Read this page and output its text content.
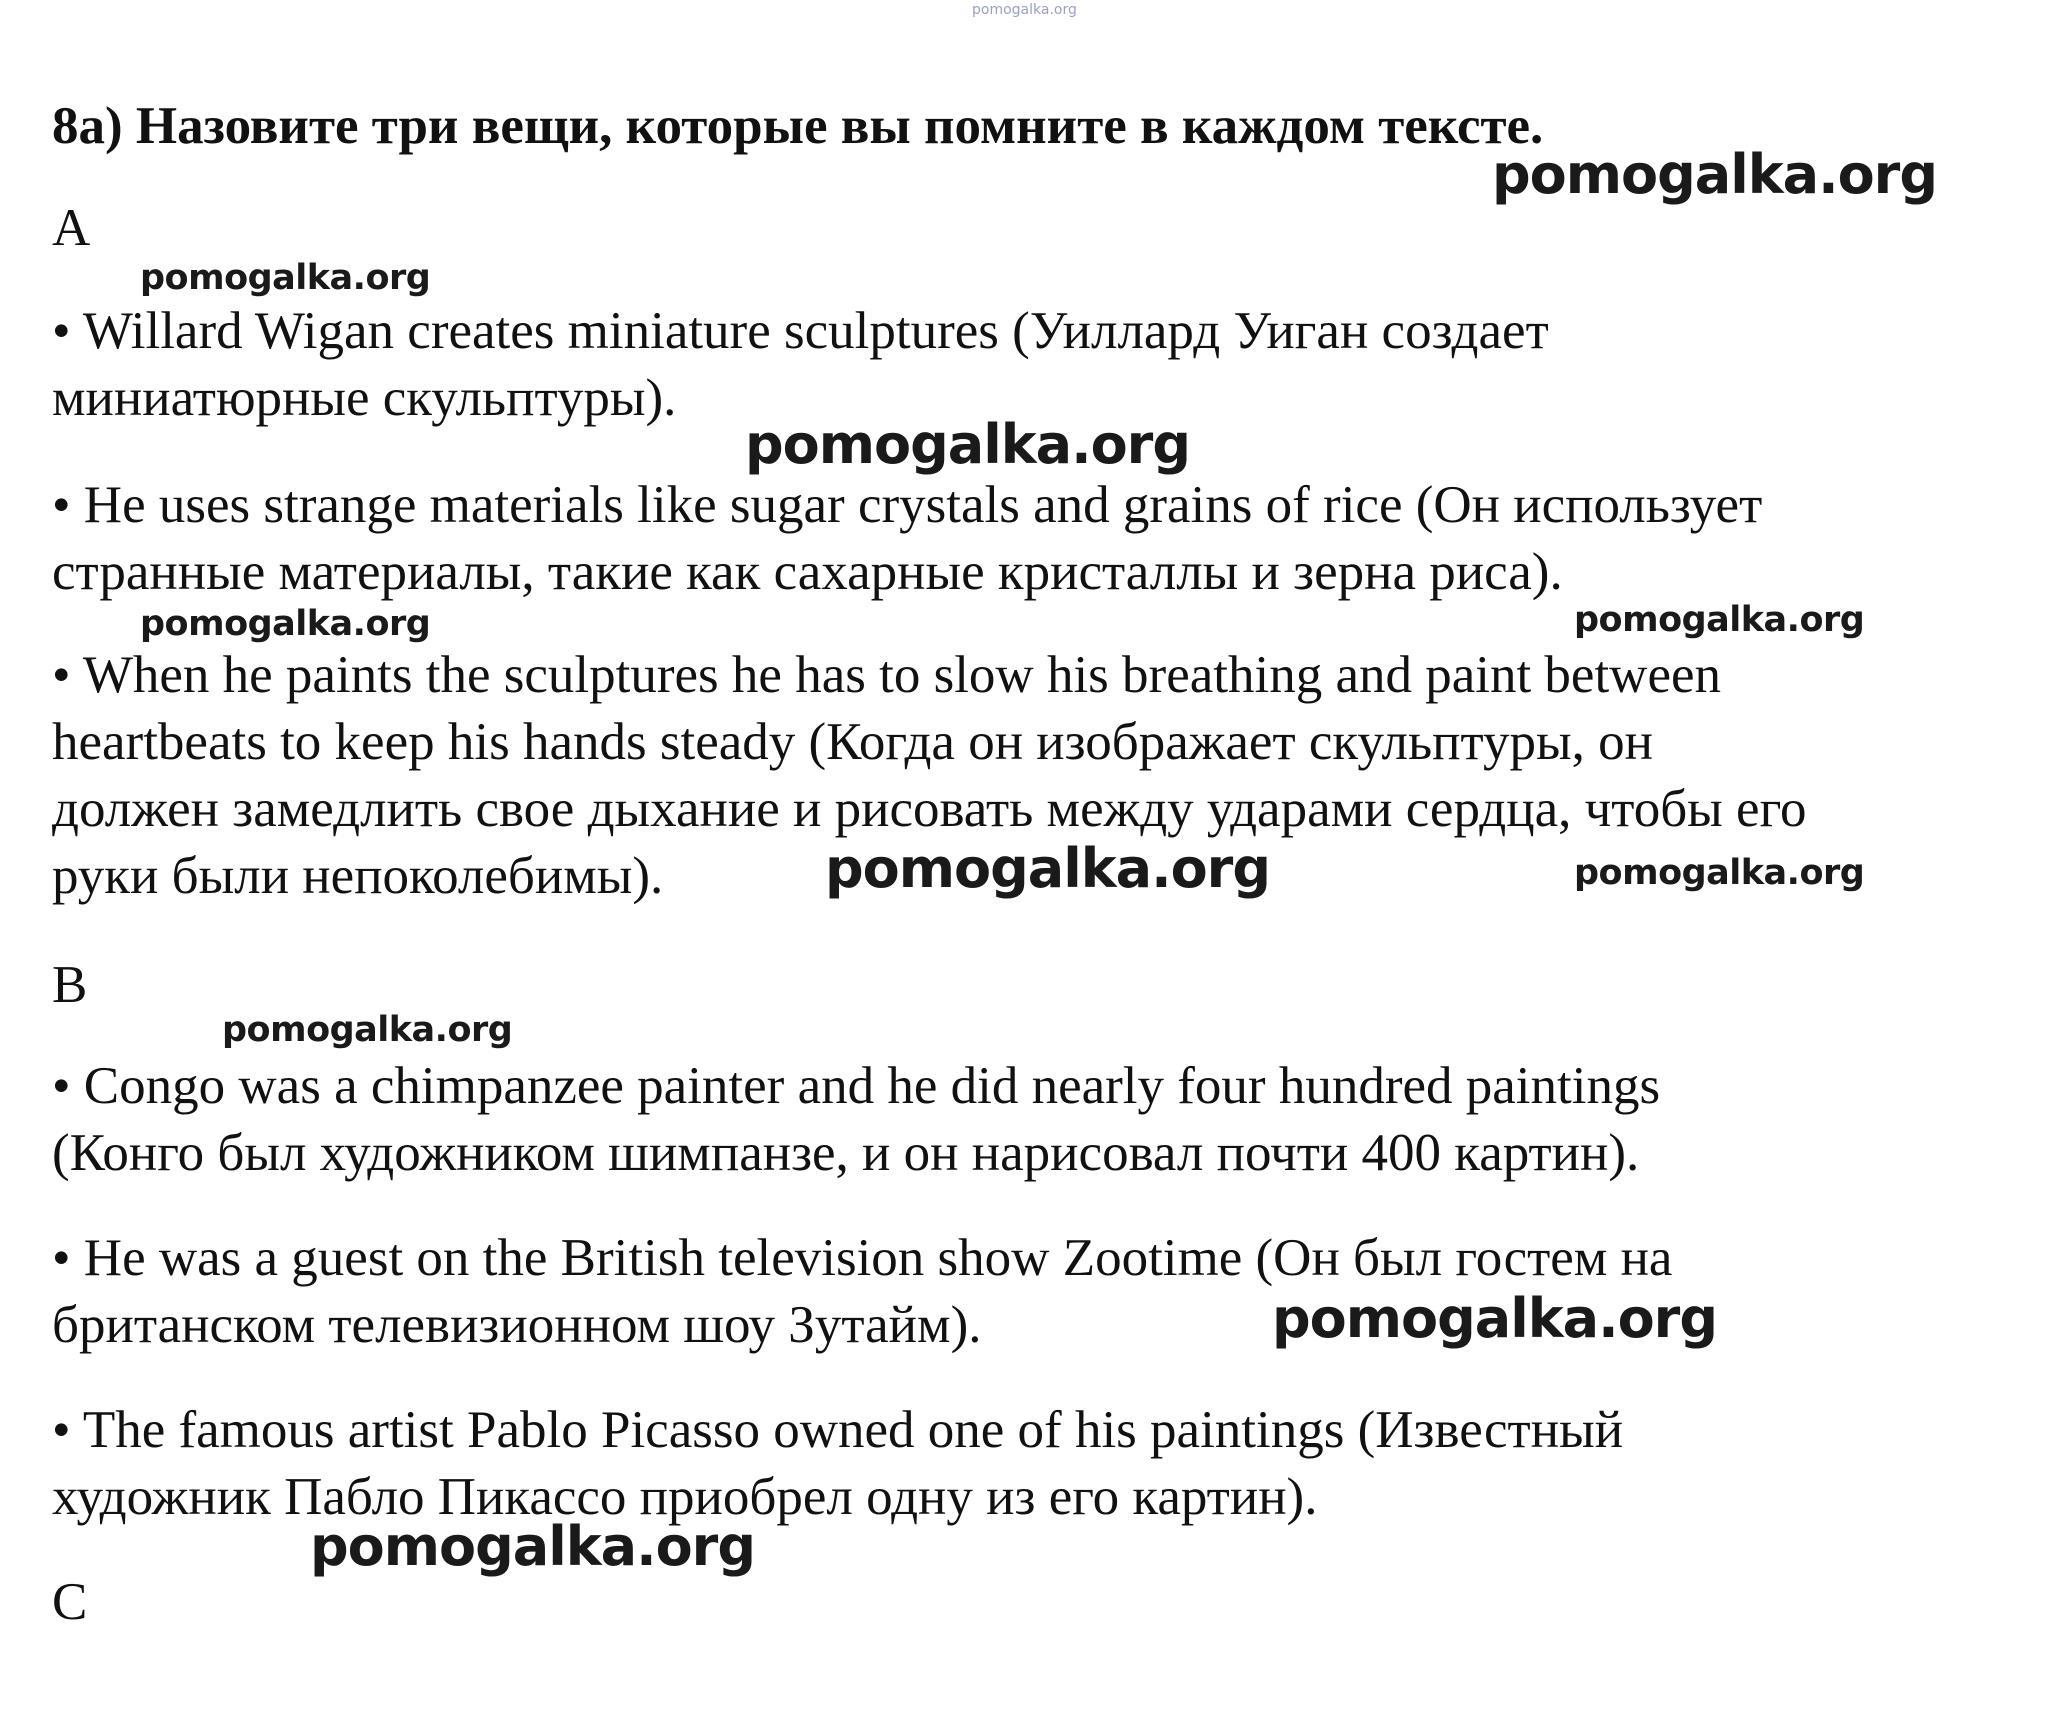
pomogalka.org
8a) Назовите три вещи, которые вы помните в каждом тексте.
pomogalka.org
A
pomogalka.org
• Willard Wigan creates miniature sculptures (Уиллард Уиган создает
миниатюрные скульптуры).
pomogalka.org
• He uses strange materials like sugar crystals and grains of rice (Он использует
странные материалы, такие как сахарные кристаллы и зерна риса).
pomogalka.org	pomogalka.org
• When he paints the sculptures he has to slow his breathing and paint between
heartbeats to keep his hands steady (Когда он изображает скульптуры, он
должен замедлить свое дыхание и рисовать между ударами сердца, чтобы его
руки были непоколебимы).	pomogalka.org	pomogalka.org
B
pomogalka.org
• Congo was a chimpanzee painter and he did nearly four hundred paintings
(Конго был художником шимпанзе, и он нарисовал почти 400 картин).
• He was a guest on the British television show Zootime (Он был гостем на
британском телевизионном шоу Зутайм).	pomogalka.org
• The famous artist Pablo Picasso owned one of his paintings (Известный
художник Пабло Пикассо приобрел одну из его картин).
pomogalka.org
C
